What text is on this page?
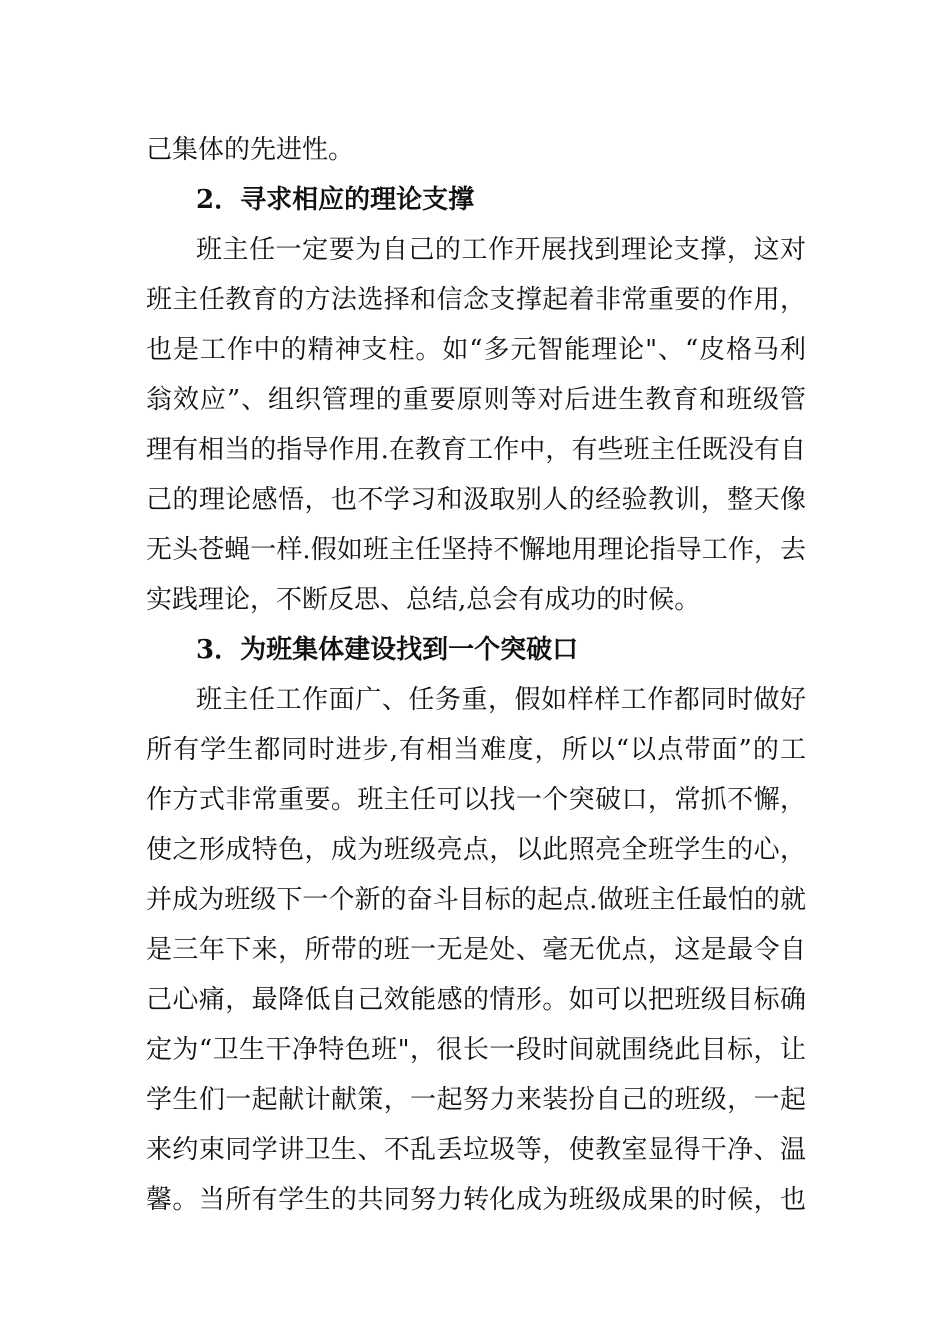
己集体的先进性。
2．寻求相应的理论支撑
班主任一定要为自己的工作开展找到理论支撑，这对
班主任教育的方法选择和信念支撑起着非常重要的作用，
也是工作中的精神支柱。如“多元智能理论"、“皮格马利
翁效应”、组织管理的重要原则等对后进生教育和班级管
理有相当的指导作用.在教育工作中，有些班主任既没有自
己的理论感悟，也不学习和汲取别人的经验教训，整天像
无头苍蝇一样.假如班主任坚持不懈地用理论指导工作，去
实践理论，不断反思、总结,总会有成功的时候。
3．为班集体建设找到一个突破口
班主任工作面广、任务重，假如样样工作都同时做好
所有学生都同时进步,有相当难度，所以“以点带面”的工
作方式非常重要。班主任可以找一个突破口，常抓不懈，
使之形成特色，成为班级亮点，以此照亮全班学生的心，
并成为班级下一个新的奋斗目标的起点.做班主任最怕的就
是三年下来，所带的班一无是处、毫无优点，这是最令自
己心痛，最降低自己效能感的情形。如可以把班级目标确
定为“卫生干净特色班"，很长一段时间就围绕此目标，让
学生们一起献计献策，一起努力来装扮自己的班级，一起
来约束同学讲卫生、不乱丢垃圾等，使教室显得干净、温
馨。当所有学生的共同努力转化成为班级成果的时候，也
